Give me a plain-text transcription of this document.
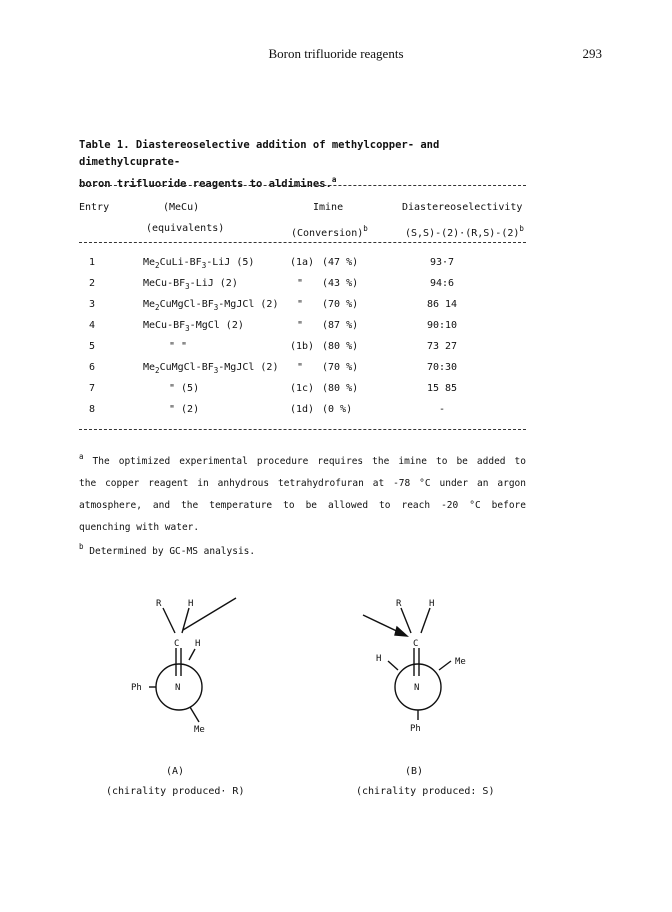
Boron trifluoride reagents	293
Table 1. Diastereoselective addition of methylcopper- and dimethylcuprate-
boron trifluoride reagents to aldimines.$^a$
Entry	(MeCu)
(equivalents)
Imine
(Conversion)$^b$
Diastereoselectivity
$(S,S)-(2)\cdot(R,S)-(2)^b$
1	$Me_2CuLi-BF_3$-LiJ (5)	(1a) (47 %)	93·7
2	MeCu-$BF_3$-LiJ (2)	" (43 %)	94:6
3	$Me_2CuMgCl-BF_3$-MgJCl (2) " (70 %)	86 14
4	MeCu-$BF_3$-MgCl (2)	" (87 %)	90:10
5	" "	(1b) (80 %)	73 27
6	$Me_2CuMgCl-BF_3$-MgJCl (2) " (70 %)	70:30
7	" (5)	(1c) (80 %)	15 85
8	" (2)	(1d) (0 %)	-
$^a$ The optimized experimental procedure requires the imine to be added to
the copper reagent in anhydrous tetrahydrofuran at -78 °C under an argon
atmosphere, and the temperature to be allowed to reach -20 °C before
quenching with water.
$^b$ Determined by GC-MS analysis.
R	H
C H
N
Ph
Me
R	H
C
H
N
Me
Ph
(A)
(chirality produced· R)
(B)
(chirality produced: S)
